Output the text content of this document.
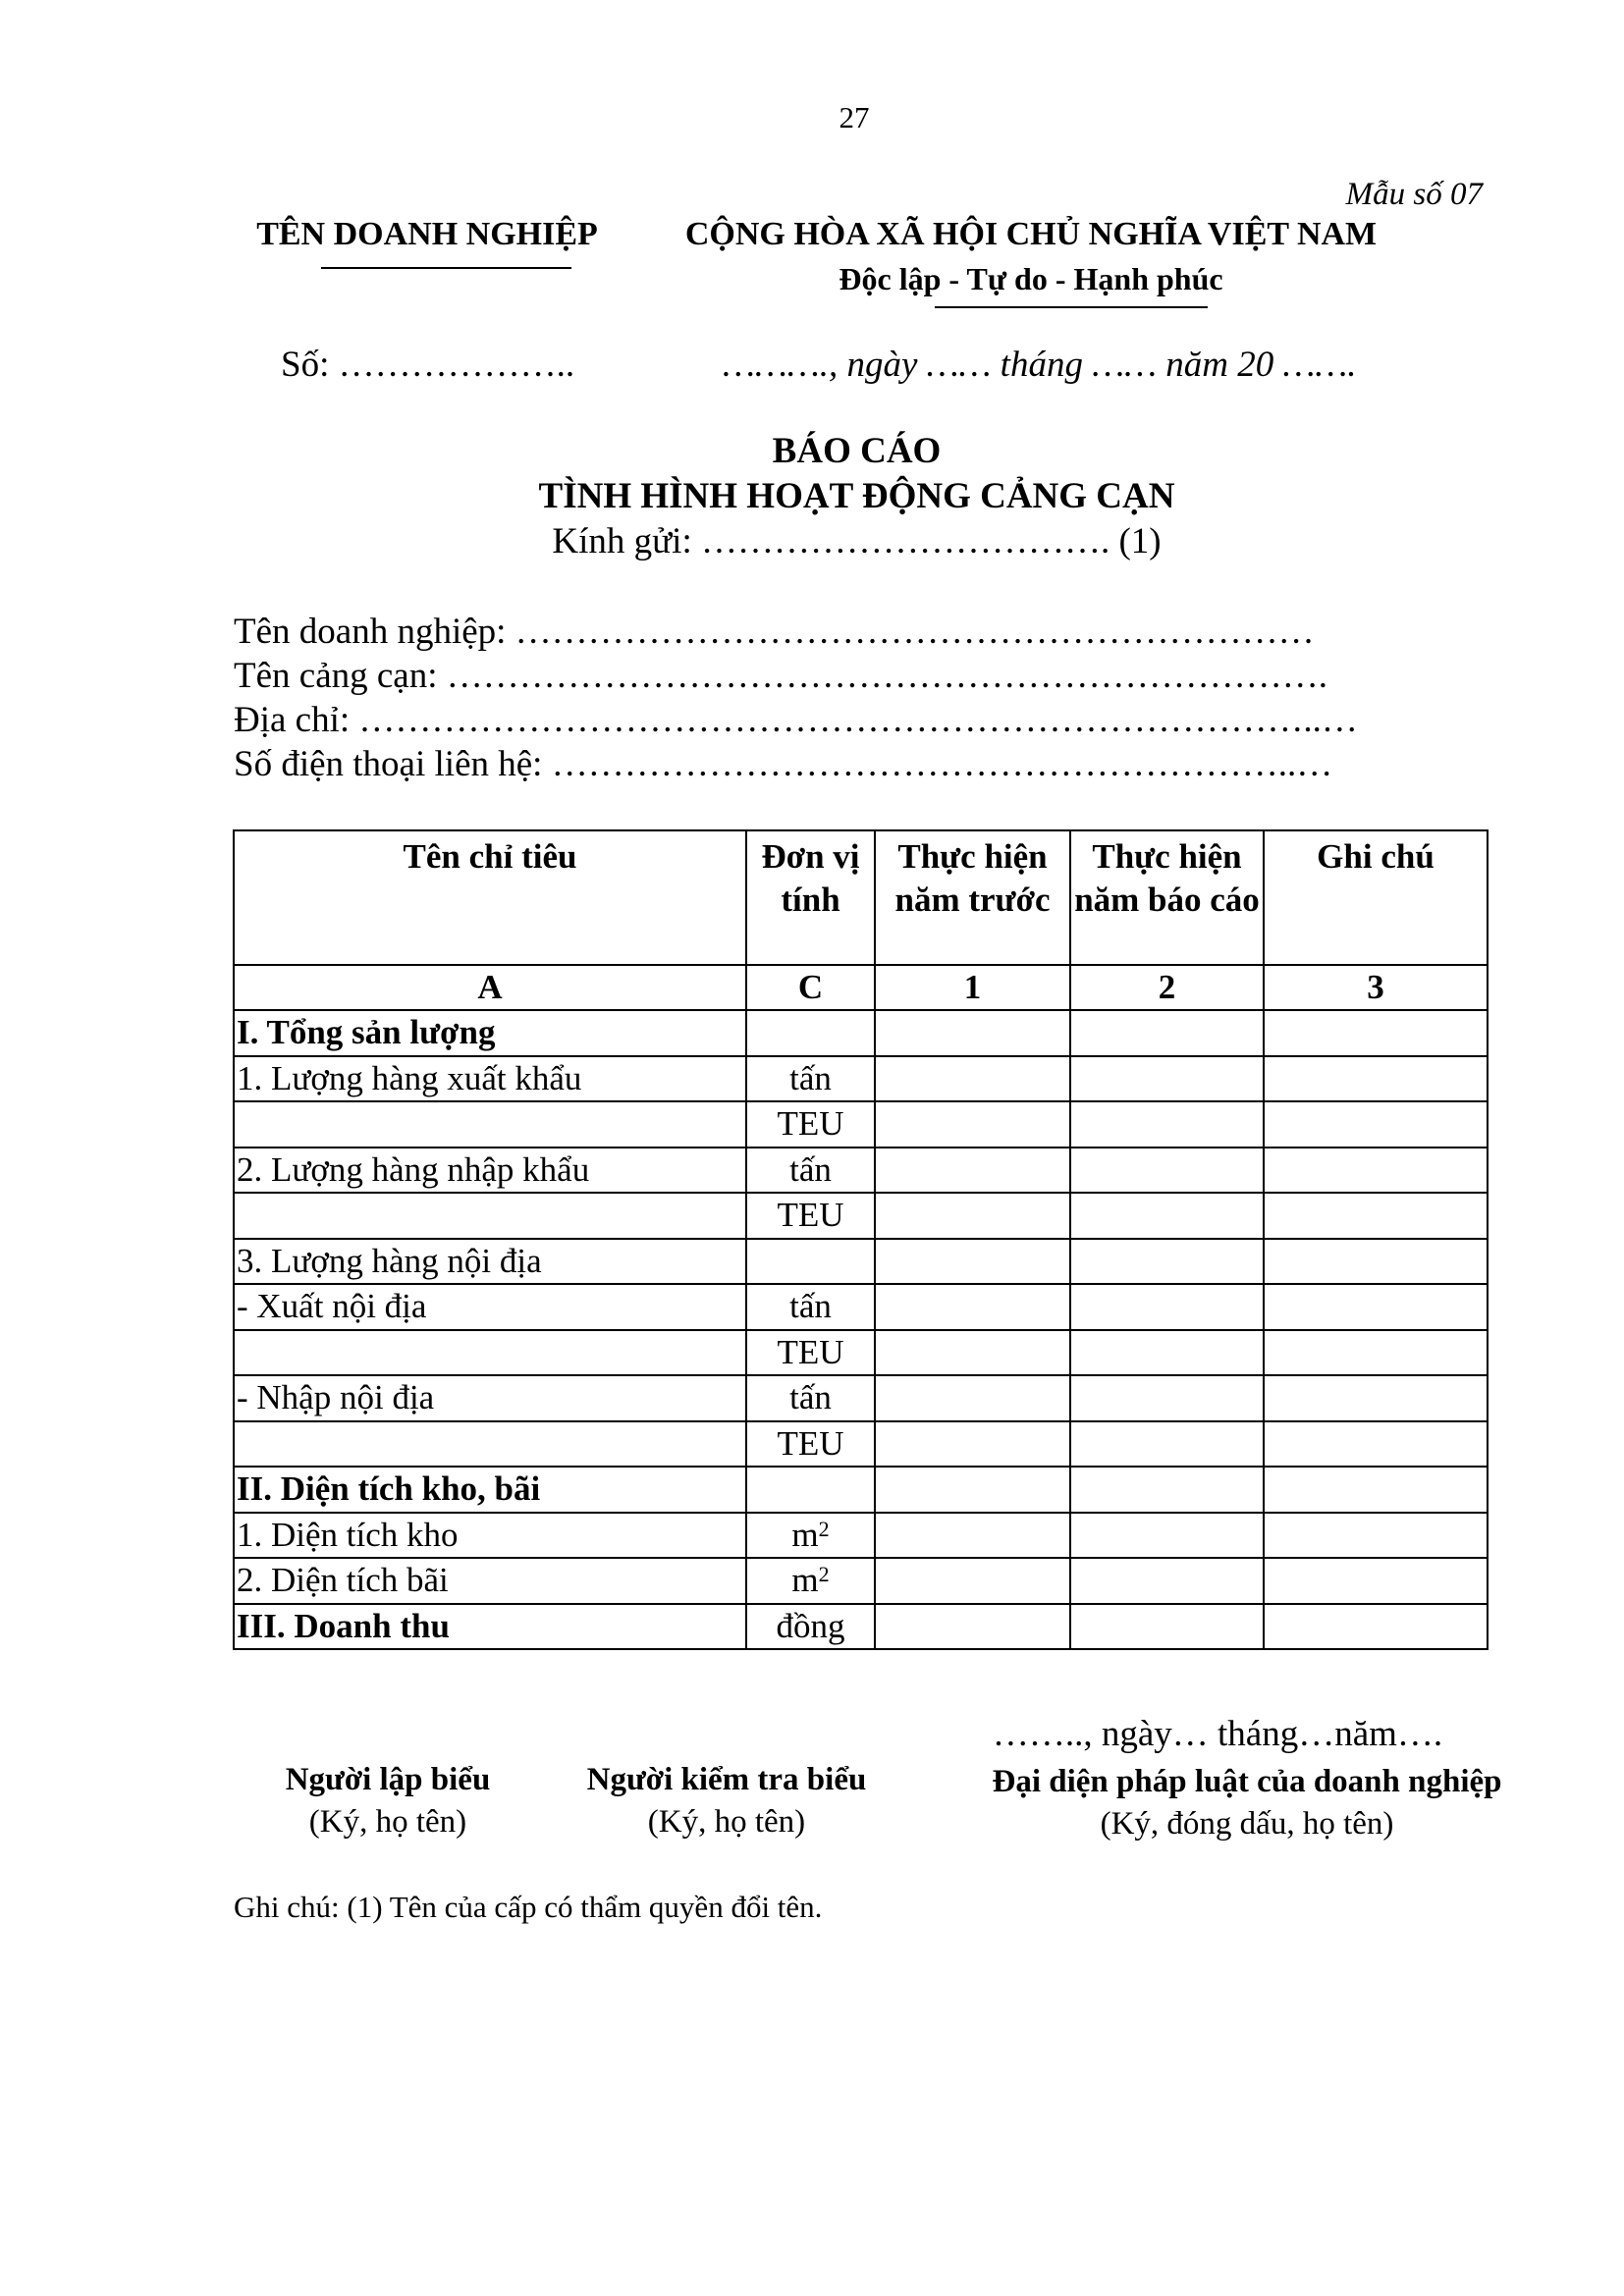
27
Mẫu số 07
TÊN DOANH NGHIỆP	CỘNG HÒA XÃ HỘI CHỦ NGHĨA VIỆT NAM
Độc lập - Tự do - Hạnh phúc
Số: ………………..	………., ngày …… tháng …… năm 20 …….
BÁO CÁO
TÌNH HÌNH HOẠT ĐỘNG CẢNG CẠN
Kính gửi: ……………………………. (1)
Tên doanh nghiệp: …………………………………………………………
Tên cảng cạn: ……………………………………………………………….
Địa chỉ: ……………………………………………………………………..…
Số điện thoại liên hệ: ……………………………………………………..…
Tên chỉ tiêu	Đơn vị tính	Thực hiện năm trước	Thực hiện năm báo cáo	Ghi chú
A	C	1	2	3
I. Tổng sản lượng				
1. Lượng hàng xuất khẩu	tấn			
	TEU			
2. Lượng hàng nhập khẩu	tấn			
	TEU			
3. Lượng hàng nội địa				
- Xuất nội địa	tấn			
	TEU			
- Nhập nội địa	tấn			
	TEU			
II. Diện tích kho, bãi				
1. Diện tích kho	$m^2$			
2. Diện tích bãi	$m^2$			
III. Doanh thu	đồng			
…….., ngày… tháng…năm….
Người lập biểu
(Ký, họ tên)
Người kiểm tra biểu
(Ký, họ tên)
Đại diện pháp luật của doanh nghiệp
(Ký, đóng dấu, họ tên)
Ghi chú: (1) Tên của cấp có thẩm quyền đổi tên.
